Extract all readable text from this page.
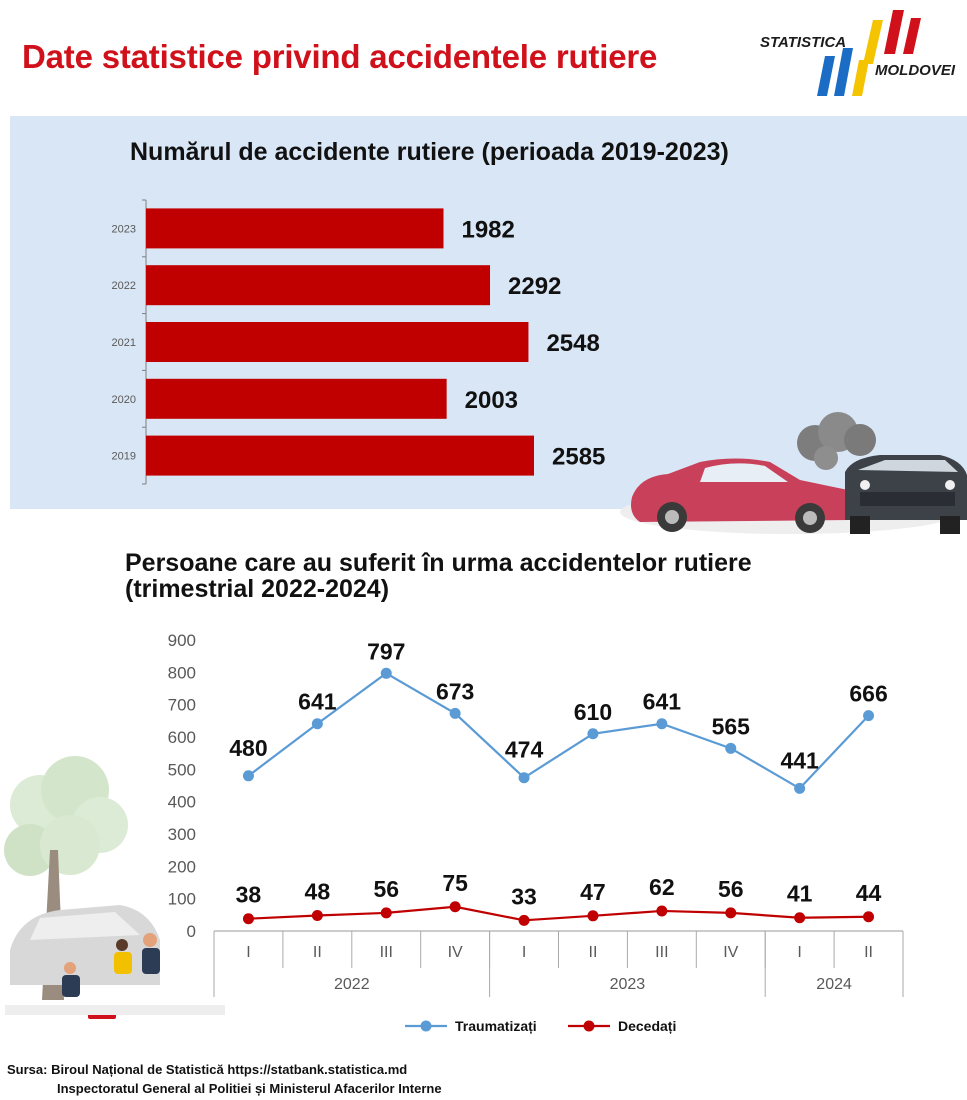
Date statistice privind accidentele rutiere	STATISTICA
MOLDOVEI
Numărul de accidente rutiere (perioada 2019-2023)
2023	1982
2022	2292
2021	2548
2020	2003
2019	2585
0
100
200
300
400
500
600
700
800
900
I	II	III	IV	I	II	III	IV	I	II
2022	2023	2024
480
641
797
673
474
610 641
565
441
666
38 48 56 75
33 47 62 56 41 44
Traumatizați	Decedați
Persoane care au suferit în urma accidentelor rutiere
(trimestrial 2022-2024)
Sursa: Biroul Național de Statistică https://statbank.statistica.md
Inspectoratul General al Politiei și Ministerul Afacerilor Interne
